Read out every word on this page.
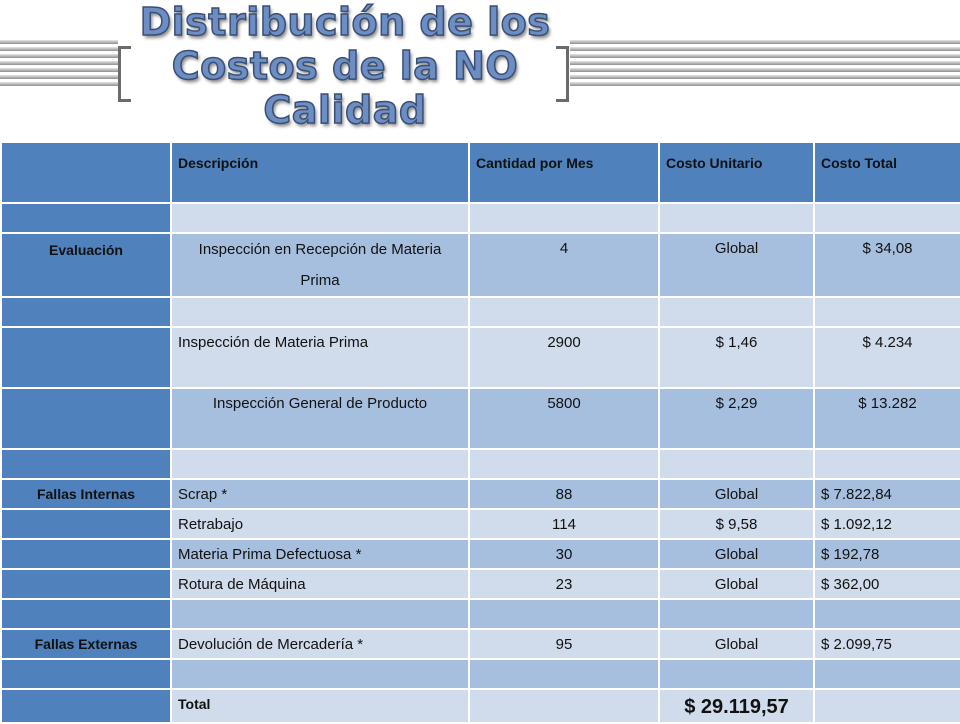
Distribución de los Costos de la NO Calidad
	Descripción	Cantidad por Mes	Costo Unitario	Costo Total

Evaluación	Inspección en Recepción de Materia Prima	4	Global	$ 34,08

	Inspección de Materia Prima	2900	$ 1,46	$ 4.234
	Inspección General de Producto	5800	$ 2,29	$ 13.282

Fallas Internas	Scrap *	88	Global	$ 7.822,84
	Retrabajo	114	$ 9,58	$ 1.092,12
	Materia Prima Defectuosa *	30	Global	$ 192,78
	Rotura de Máquina	23	Global	$ 362,00

Fallas Externas	Devolución de Mercadería *	95	Global	$ 2.099,75

	Total		$ 29.119,57	
